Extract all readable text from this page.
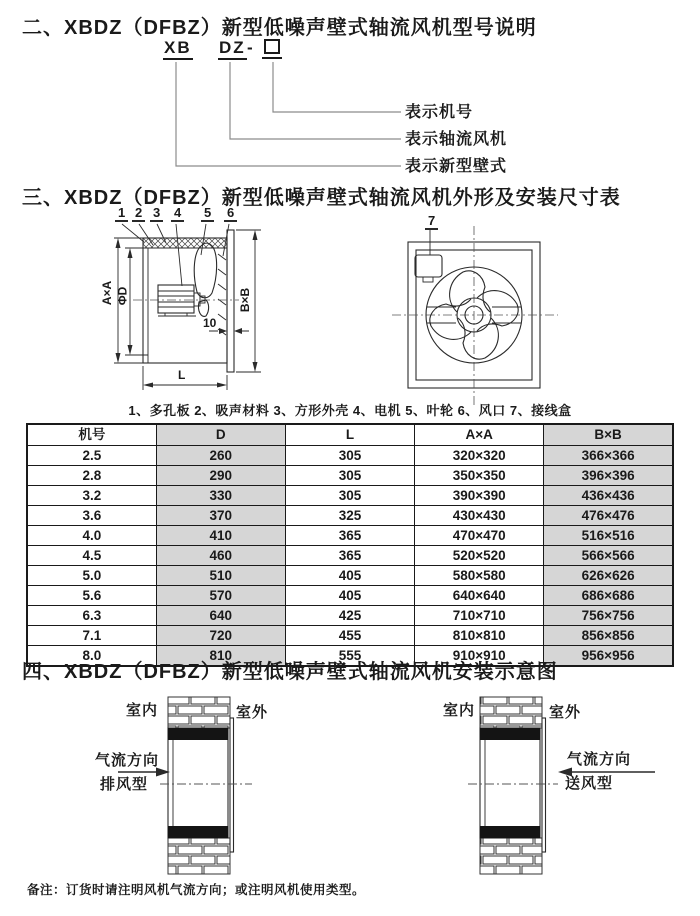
二、XBDZ（DFBZ）新型低噪声壁式轴流风机型号说明
XB DZ -
表示机号
表示轴流风机
表示新型壁式
三、XBDZ（DFBZ）新型低噪声壁式轴流风机外形及安装尺寸表
1 2 3 4 5 6
A×A ΦD	B×B
10
L
7
1、多孔板 2、吸声材料 3、方形外壳 4、电机 5、叶轮 6、风口 7、接线盒
机号	D	L	A×A	B×B
2.5	260	305	320×320	366×366
2.8	290	305	350×350	396×396
3.2	330	305	390×390	436×436
3.6	370	325	430×430	476×476
4.0	410	365	470×470	516×516
4.5	460	365	520×520	566×566
5.0	510	405	580×580	626×626
5.6	570	405	640×640	686×686
6.3	640	425	710×710	756×756
7.1	720	455	810×810	856×856
8.0	810	555	910×910	956×956
四、XBDZ（DFBZ）新型低噪声壁式轴流风机安装示意图
室内	室外
气流方向
排风型
室内	室外
气流方向
送风型
备注：订货时请注明风机气流方向；或注明风机使用类型。
